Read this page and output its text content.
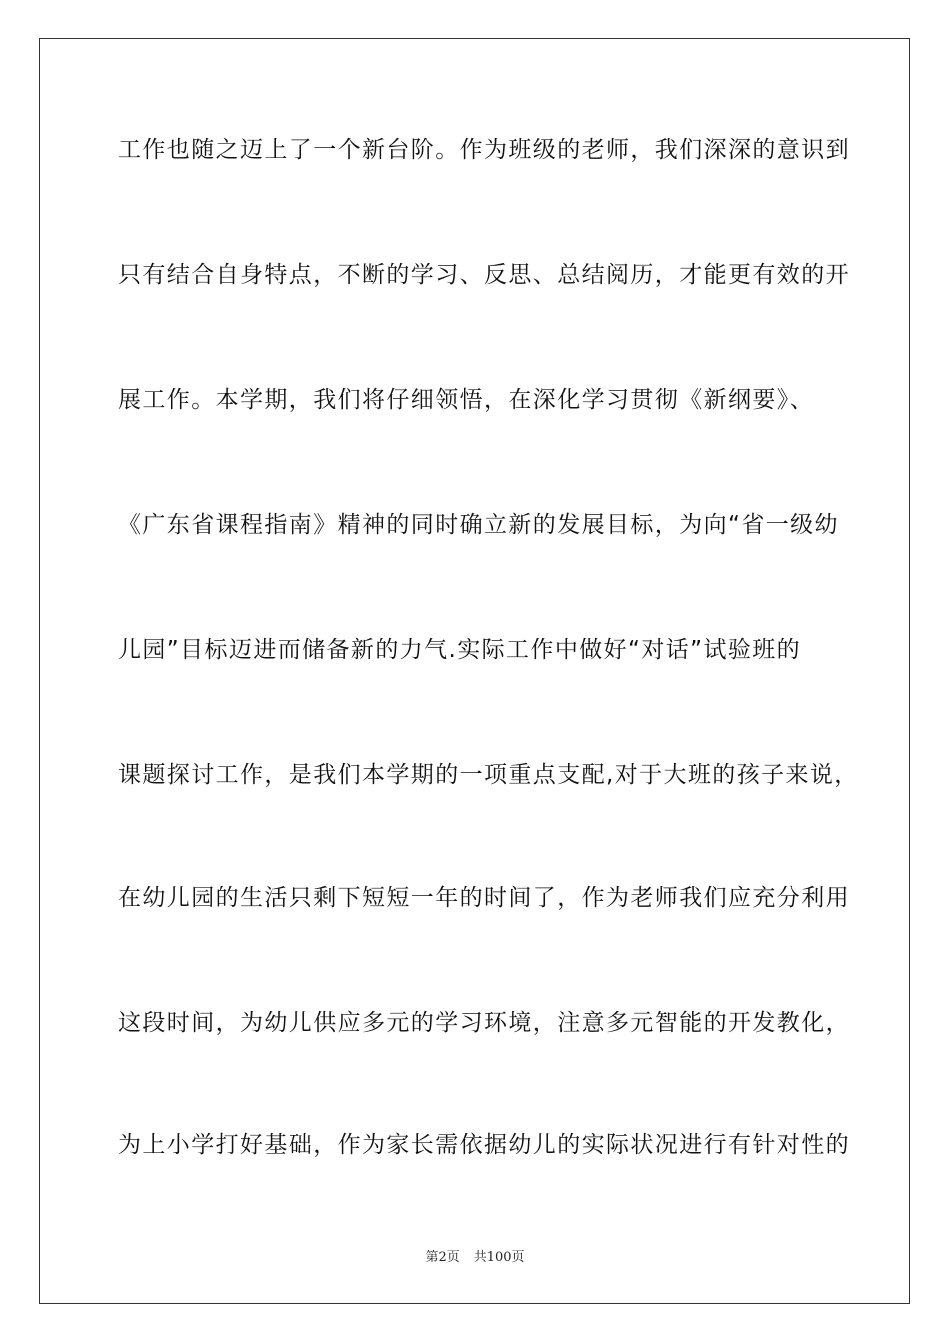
工作也随之迈上了一个新台阶。作为班级的老师，我们深深的意识到
只有结合自身特点，不断的学习、反思、总结阅历，才能更有效的开
展工作。本学期，我们将仔细领悟，在深化学习贯彻《新纲要》、
《广东省课程指南》精神的同时确立新的发展目标，为向“省一级幼
儿园”目标迈进而储备新的力气.实际工作中做好“对话”试验班的
课题探讨工作，是我们本学期的一项重点支配,对于大班的孩子来说，
在幼儿园的生活只剩下短短一年的时间了，作为老师我们应充分利用
这段时间，为幼儿供应多元的学习环境，注意多元智能的开发教化，
为上小学打好基础，作为家长需依据幼儿的实际状况进行有针对性的
第2页 共100页
